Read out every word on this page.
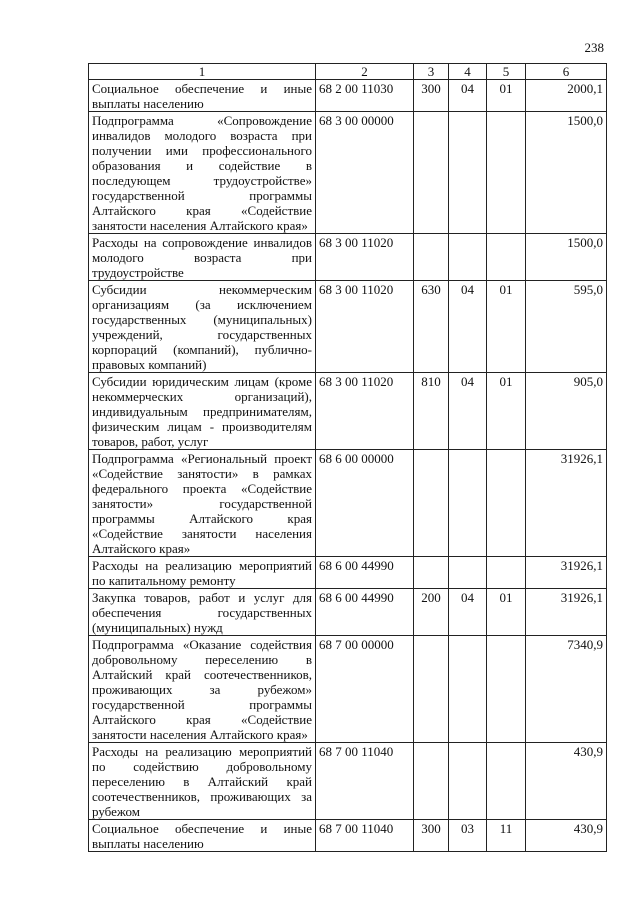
238
1	2	3	4	5	6
Социальное обеспечение и иные выплаты населению	68 2 00 11030	300	04	01	2000,1
Подпрограмма «Сопровождение инвалидов молодого возраста при получении ими профессионального образования и содействие в последующем трудоустройстве» государственной программы Алтайского края «Содействие занятости населения Алтайского края»	68 3 00 00000				1500,0
Расходы на сопровождение инвалидов молодого возраста при трудоустройстве	68 3 00 11020				1500,0
Субсидии некоммерческим организациям (за исключением государственных (муниципальных) учреждений, государственных корпораций (компаний), публично-правовых компаний)	68 3 00 11020	630	04	01	595,0
Субсидии юридическим лицам (кроме некоммерческих организаций), индивидуальным предпринимателям, физическим лицам - производителям товаров, работ, услуг	68 3 00 11020	810	04	01	905,0
Подпрограмма «Региональный проект «Содействие занятости» в рамках федерального проекта «Содействие занятости» государственной программы Алтайского края «Содействие занятости населения Алтайского края»	68 6 00 00000				31926,1
Расходы на реализацию мероприятий по капитальному ремонту	68 6 00 44990				31926,1
Закупка товаров, работ и услуг для обеспечения государственных (муниципальных) нужд	68 6 00 44990	200	04	01	31926,1
Подпрограмма «Оказание содействия добровольному переселению в Алтайский край соотечественников, проживающих за рубежом» государственной программы Алтайского края «Содействие занятости населения Алтайского края»	68 7 00 00000				7340,9
Расходы на реализацию мероприятий по содействию добровольному переселению в Алтайский край соотечественников, проживающих за рубежом	68 7 00 11040				430,9
Социальное обеспечение и иные выплаты населению	68 7 00 11040	300	03	11	430,9
